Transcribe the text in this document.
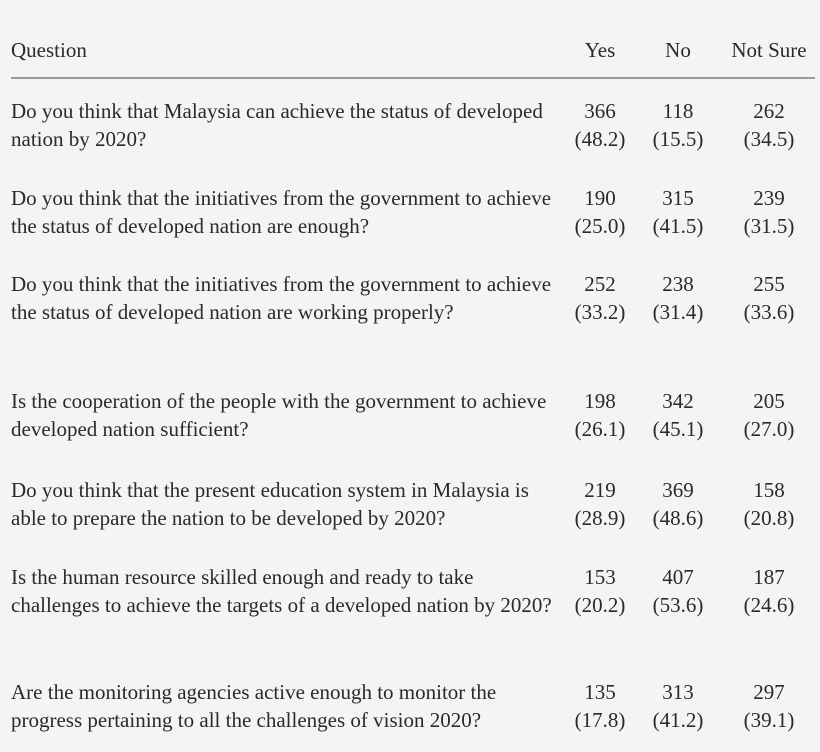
Question	Yes No Not Sure
Do you think that Malaysia can achieve the status of developed nation by 2020?
366
(48.2)
118
(15.5)
262
(34.5)
Do you think that the initiatives from the government to achieve the status of developed nation are enough?
190
(25.0)
315
(41.5)
239
(31.5)
Do you think that the initiatives from the government to achieve the status of developed nation are working properly?
252
(33.2)
238
(31.4)
255
(33.6)
Is the cooperation of the people with the government to achieve developed nation sufficient?
198
(26.1)
342
(45.1)
205
(27.0)
Do you think that the present education system in Malaysia is able to prepare the nation to be developed by 2020?
219
(28.9)
369
(48.6)
158
(20.8)
Is the human resource skilled enough and ready to take challenges to achieve the targets of a developed nation by 2020?
153
(20.2)
407
(53.6)
187
(24.6)
Are the monitoring agencies active enough to monitor the progress pertaining to all the challenges of vision 2020?
135
(17.8)
313
(41.2)
297
(39.1)
